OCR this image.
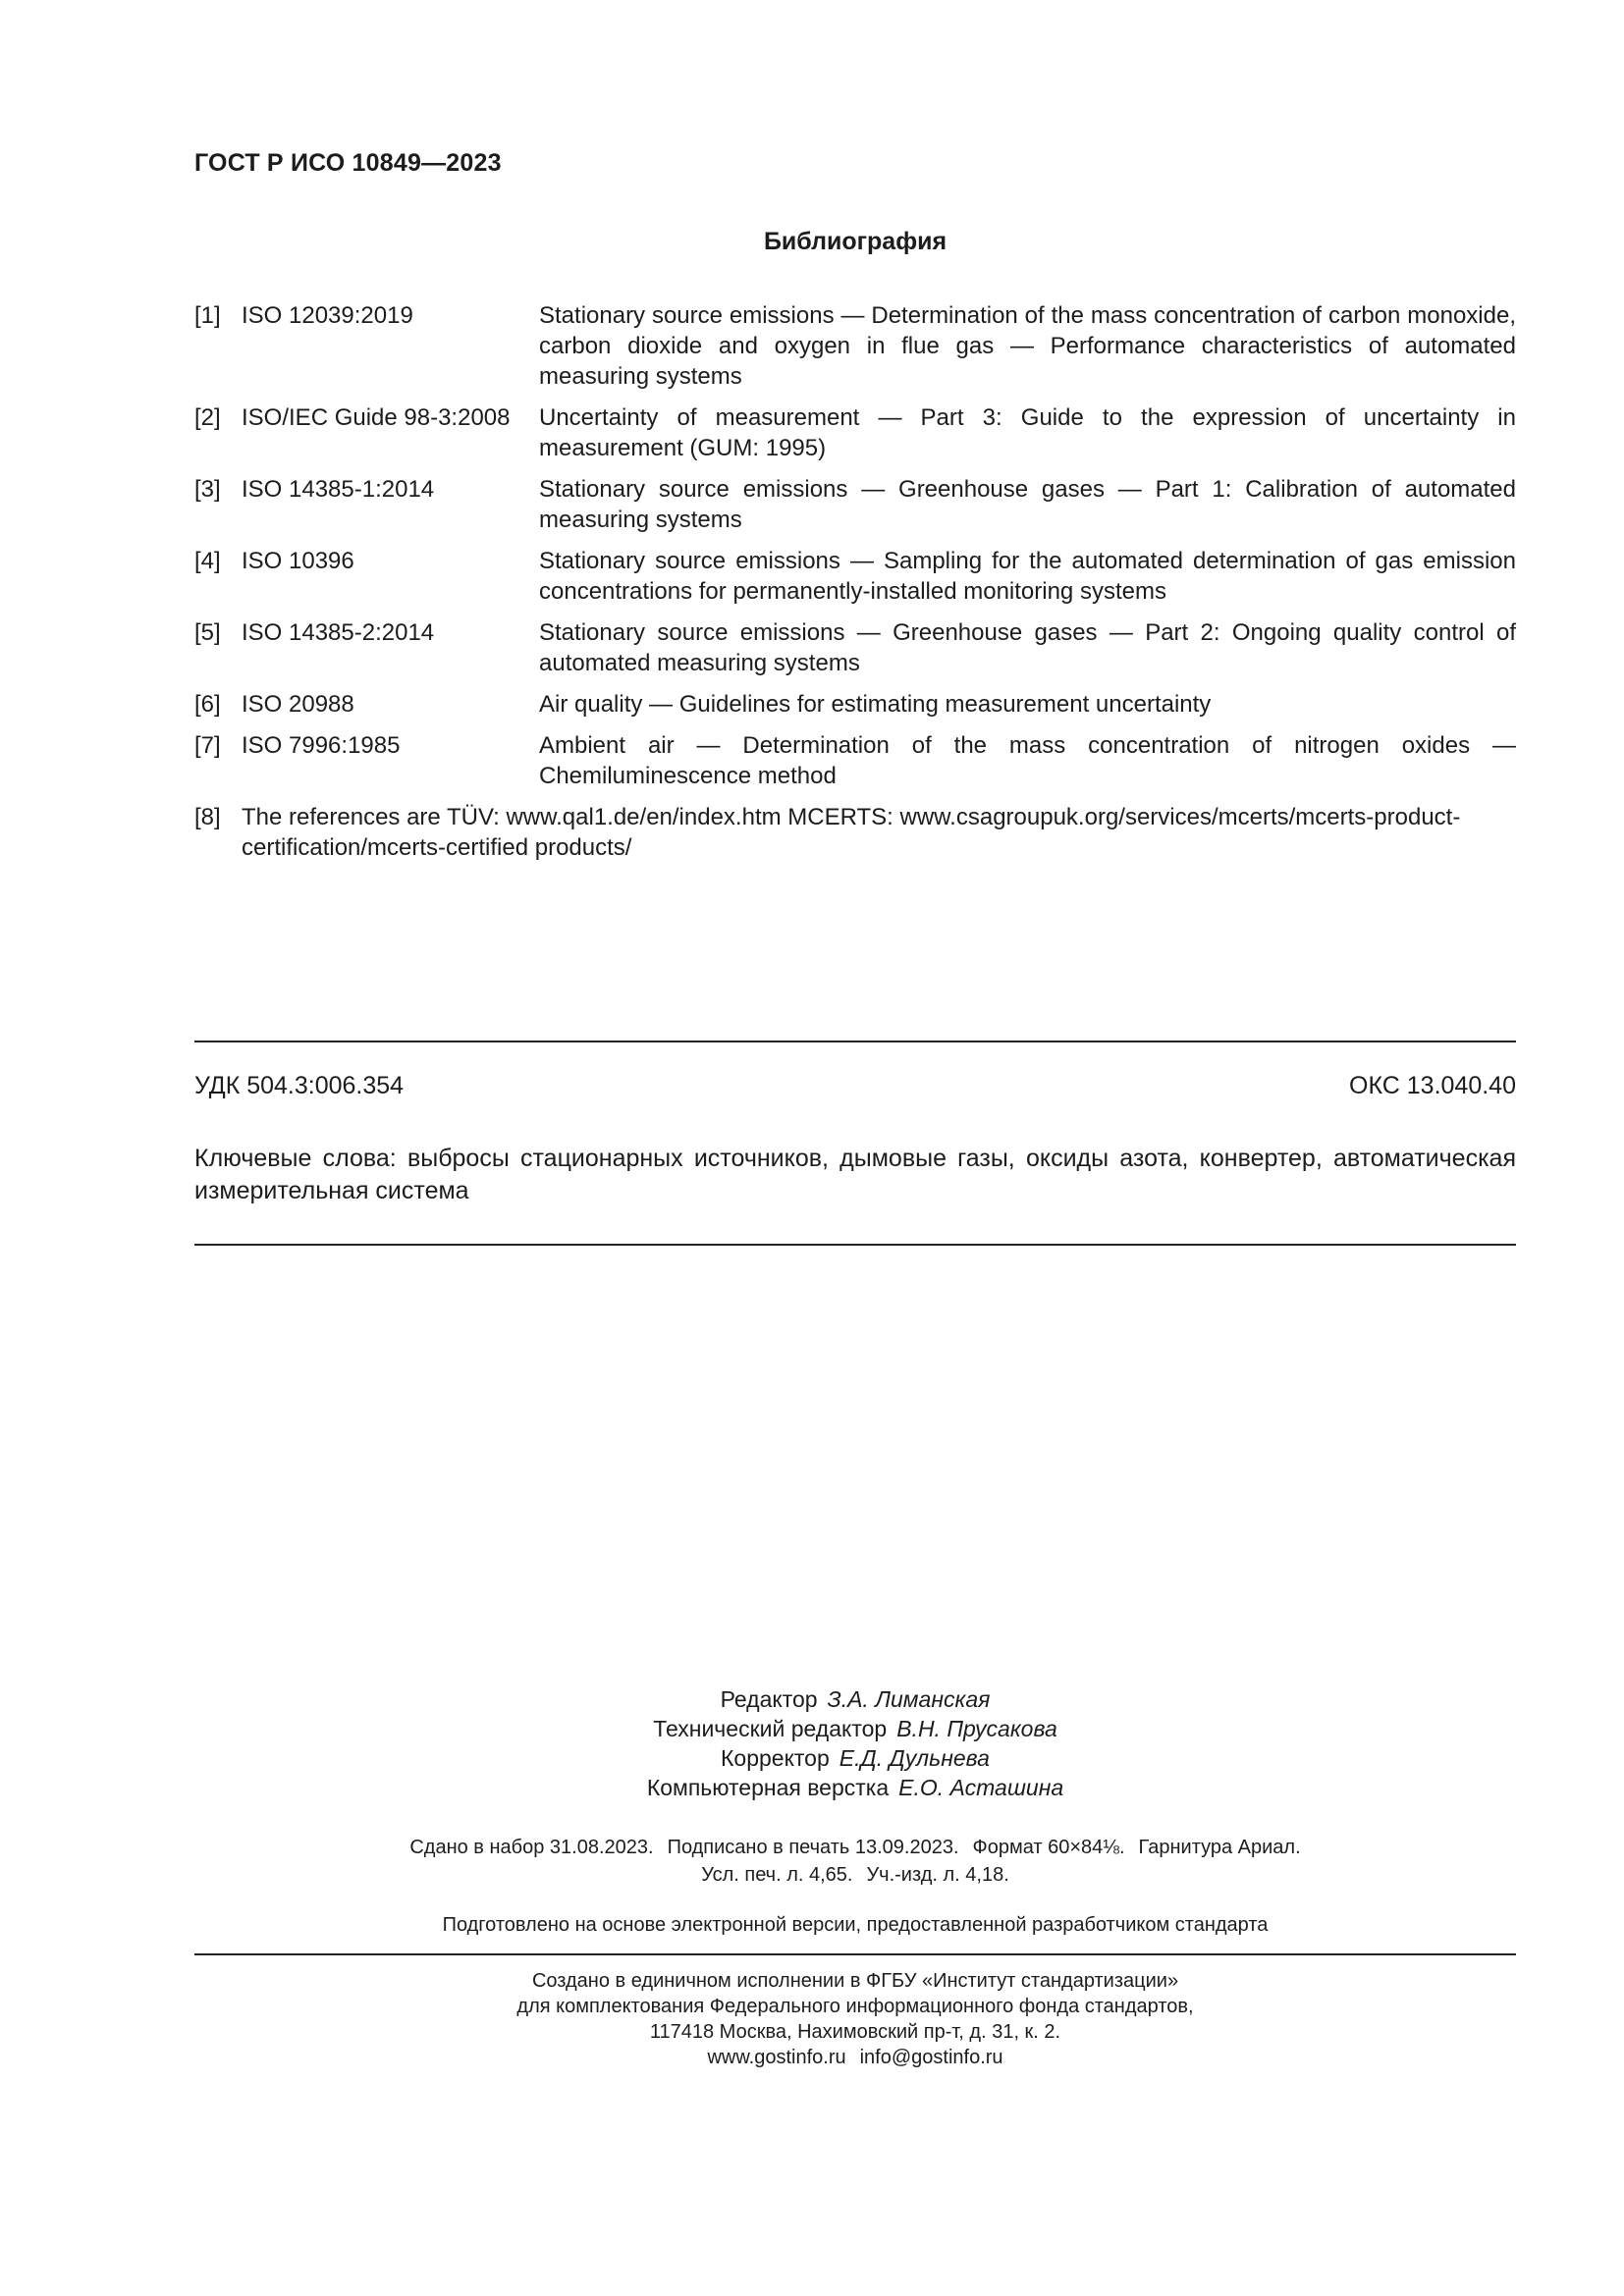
ГОСТ Р ИСО 10849—2023
Библиография
[1] ISO 12039:2019	Stationary source emissions — Determination of the mass concentration of carbon monoxide, carbon dioxide and oxygen in flue gas — Performance characteristics of automated measuring systems
[2] ISO/IEC Guide 98-3:2008	Uncertainty of measurement — Part 3: Guide to the expression of uncertainty in measurement (GUM: 1995)
[3] ISO 14385-1:2014	Stationary source emissions — Greenhouse gases — Part 1: Calibration of automated measuring systems
[4] ISO 10396	Stationary source emissions — Sampling for the automated determination of gas emission concentrations for permanently-installed monitoring systems
[5] ISO 14385-2:2014	Stationary source emissions — Greenhouse gases — Part 2: Ongoing quality control of automated measuring systems
[6] ISO 20988	Air quality — Guidelines for estimating measurement uncertainty
[7] ISO 7996:1985	Ambient air — Determination of the mass concentration of nitrogen oxides — Chemiluminescence method
[8] The references are TÜV: www.qal1.de/en/index.htm MCERTS: www.csagroupuk.org/services/mcerts/mcerts-product-certification/mcerts-certified products/
УДК 504.3:006.354	ОКС 13.040.40
Ключевые слова: выбросы стационарных источников, дымовые газы, оксиды азота, конвертер, автоматическая измерительная система
Редактор З.А. Лиманская
Технический редактор В.Н. Прусакова
Корректор Е.Д. Дульнева
Компьютерная верстка Е.О. Асташина
Сдано в набор 31.08.2023. Подписано в печать 13.09.2023. Формат 60×84⅛. Гарнитура Ариал.
Усл. печ. л. 4,65. Уч.-изд. л. 4,18.
Подготовлено на основе электронной версии, предоставленной разработчиком стандарта
Создано в единичном исполнении в ФГБУ «Институт стандартизации»
для комплектования Федерального информационного фонда стандартов,
117418 Москва, Нахимовский пр-т, д. 31, к. 2.
www.gostinfo.ru info@gostinfo.ru
